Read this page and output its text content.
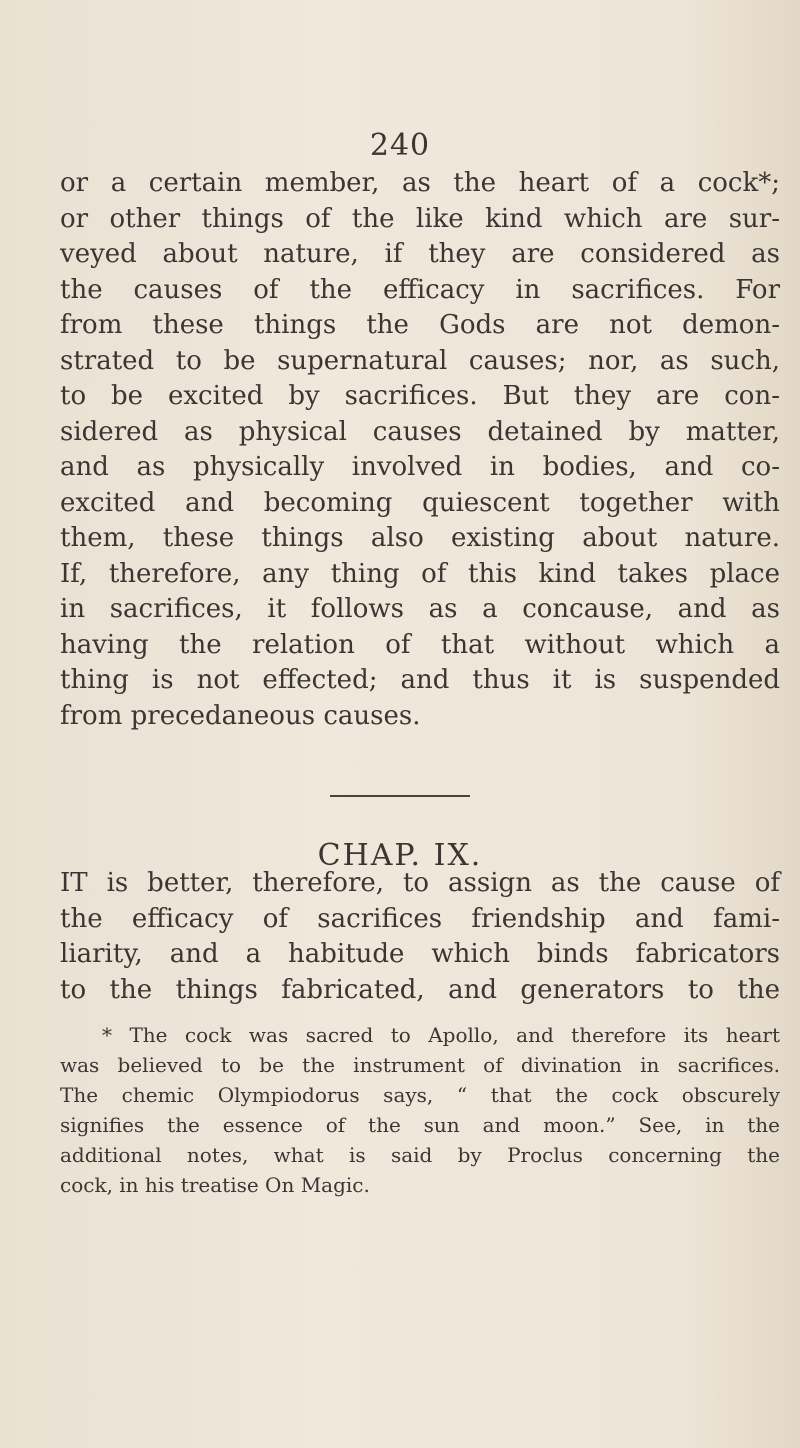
240
or a certain member, as the heart of a cock*;
or other things of the like kind which are sur-
veyed about nature, if they are considered as
the causes of the efficacy in sacrifices. For
from these things the Gods are not demon-
strated to be supernatural causes; nor, as such,
to be excited by sacrifices. But they are con-
sidered as physical causes detained by matter,
and as physically involved in bodies, and co-
excited and becoming quiescent together with
them, these things also existing about nature.
If, therefore, any thing of this kind takes place
in sacrifices, it follows as a concause, and as
having the relation of that without which a
thing is not effected; and thus it is suspended
from precedaneous causes.
CHAP. IX.
IT is better, therefore, to assign as the cause of
the efficacy of sacrifices friendship and fami-
liarity, and a habitude which binds fabricators
to the things fabricated, and generators to the
* The cock was sacred to Apollo, and therefore its heart
was believed to be the instrument of divination in sacrifices.
The chemic Olympiodorus says, “ that the cock obscurely
signifies the essence of the sun and moon.” See, in the
additional notes, what is said by Proclus concerning the
cock, in his treatise On Magic.
